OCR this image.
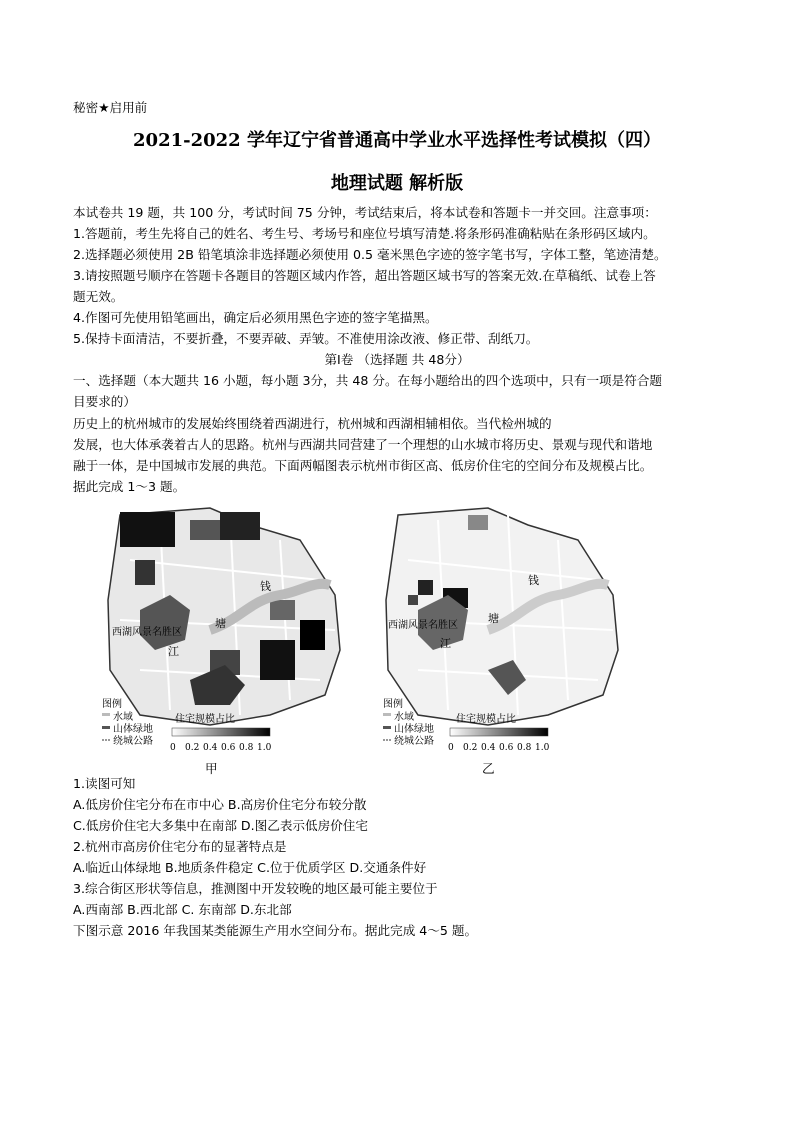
秘密★启用前
2021-2022 学年辽宁省普通高中学业水平选择性考试模拟（四）
地理试题 解析版
本试卷共 19 题，共 100 分，考试时间 75 分钟，考试结束后，将本试卷和答题卡一并交回。注意事项：
1.答题前，考生先将自己的姓名、考生号、考场号和座位号填写清楚.将条形码准确粘贴在条形码区域内。
2.选择题必须使用 2B 铅笔填涂非选择题必须使用 0.5 毫米黑色字迹的签字笔书写，字体工整，笔迹清楚。
3.请按照题号顺序在答题卡各题目的答题区域内作答，超出答题区域书写的答案无效.在草稿纸、试卷上答
题无效。
4.作图可先使用铅笔画出，确定后必须用黑色字迹的签字笔描黑。
5.保持卡面清洁，不要折叠，不要弄破、弄皱。不准使用涂改液、修正带、刮纸刀。
第Ⅰ卷 （选择题 共 48分）
一、选择题（本大题共 16 小题，每小题 3分，共 48 分。在每小题给出的四个选项中，只有一项是符合题
目要求的）
历史上的杭州城市的发展始终围绕着西湖进行，杭州城和西湖相辅相依。当代检州城的
发展，也大体承袭着古人的思路。杭州与西湖共同营建了一个理想的山水城市将历史、景观与现代和谐地
融于一体，是中国城市发展的典范。下面两幅图表示杭州市街区高、低房价住宅的空间分布及规模占比。
据此完成 1～3 题。
钱
塘
江
西湖风景名胜区
图例
水域
山体绿地
绕城公路
住宅规模占比
0 0.2 0.4 0.6 0.8 1.0
甲
钱
塘
江
西湖风景名胜区
图例
水域
山体绿地
绕城公路
住宅规模占比
0 0.2 0.4 0.6 0.8 1.0
乙
1.读图可知
A.低房价住宅分布在市中心 B.高房价住宅分布较分散
C.低房价住宅大多集中在南部 D.图乙表示低房价住宅
2.杭州市高房价住宅分布的显著特点是
A.临近山体绿地 B.地质条件稳定 C.位于优质学区 D.交通条件好
3.综合街区形状等信息，推测图中开发较晚的地区最可能主要位于
A.西南部 B.西北部 C. 东南部 D.东北部
下图示意 2016 年我国某类能源生产用水空间分布。据此完成 4～5 题。
